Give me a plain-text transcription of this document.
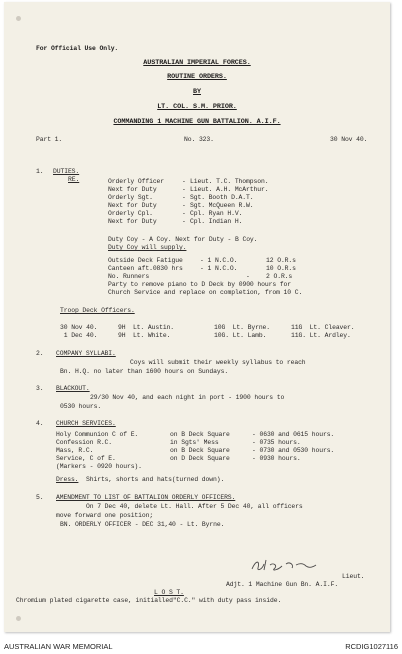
For Official Use Only.
AUSTRALIAN IMPERIAL FORCES.
ROUTINE ORDERS.
BY
LT. COL. S.M. PRIOR.
COMMANDING 1 MACHINE GUN BATTALION. A.I.F.
Part 1.	No. 323.	30 Nov 40.
1. DUTIES.
RE.	Orderly Officer	- Lieut. T.C. Thompson.
Next for Duty	- Lieut. A.H. McArthur.
Orderly Sgt.	- Sgt. Booth D.A.T.
Next for Duty	- Sgt. McQueen R.W.
Orderly Cpl.	- Cpl. Ryan H.V.
Next for Duty	- Cpl. Indian H.
Duty Coy - A Coy. Next for Duty - B Coy.
Duty Coy will supply.
Outside Deck Fatigue	- 1 N.C.O.	12 O.R.s
Canteen aft.0830 hrs	- 1 N.C.O.	10 O.R.s
No. Runners	-	2 O.R.s
Party to remove piano to D Deck by 0900 hours for
Church Service and replace on completion, from 10 C.
Troop Deck Officers.
30 Nov 40.	9H  Lt. Austin.	10G  Lt. Byrne.	11G  Lt. Cleaver.
1 Dec 40.	9H  Lt. White.	10G. Lt. Lamb.	11G. Lt. Ardley.
2. COMPANY SYLLABI.
Coys will submit their weekly syllabus to reach
Bn. H.Q. no later than 1600 hours on Sundays.
3. BLACKOUT.
29/30 Nov 40, and each night in port - 1900 hours to
0530 hours.
4. CHURCH SERVICES.
Holy Communion C of E.	on B Deck Square	- 0630 and 0615 hours.
Confession R.C.	in Sgts' Mess	- 0735 hours.
Mass, R.C.	on B Deck Square	- 0730 and 0530 hours.
Service, C of E.	on D Deck Square	- 0930 hours.
(Markers - 0920 hours).
Dress. Shirts, shorts and hats(turned down).
5. AMENDMENT TO LIST OF BATTALION ORDERLY OFFICERS.
On 7 Dec 40, delete Lt. Hall. After 5 Dec 40, all officers
move forward one position;
BN. ORDERLY OFFICER - DEC 31,40 - Lt. Byrne.
Lieut.
Adjt. 1 Machine Gun Bn. A.I.F.
L O S T.
Chromium plated cigarette case, initialled"C.C." with duty pass inside.
AUSTRALIAN WAR MEMORIAL	RCDIG1027116
